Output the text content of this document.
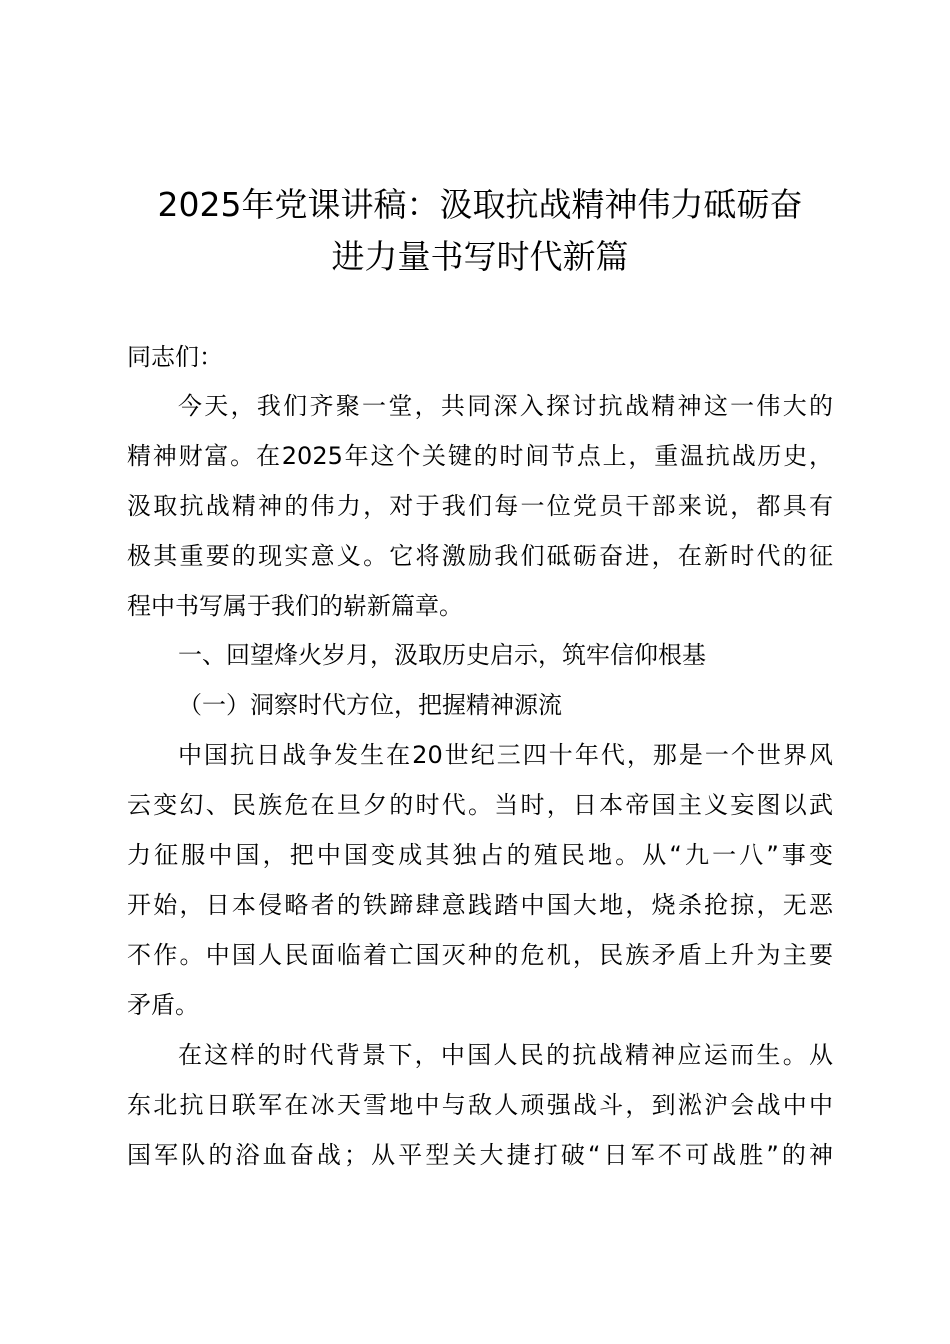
2025年党课讲稿：汲取抗战精神伟力砥砺奋
进力量书写时代新篇
同志们：
今天，我们齐聚一堂，共同深入探讨抗战精神这一伟大的
精神财富。在2025年这个关键的时间节点上，重温抗战历史，
汲取抗战精神的伟力，对于我们每一位党员干部来说，都具有
极其重要的现实意义。它将激励我们砥砺奋进，在新时代的征
程中书写属于我们的崭新篇章。
一、回望烽火岁月，汲取历史启示，筑牢信仰根基
（一）洞察时代方位，把握精神源流
中国抗日战争发生在20世纪三四十年代，那是一个世界风
云变幻、民族危在旦夕的时代。当时，日本帝国主义妄图以武
力征服中国，把中国变成其独占的殖民地。从“九一八”事变
开始，日本侵略者的铁蹄肆意践踏中国大地，烧杀抢掠，无恶
不作。中国人民面临着亡国灭种的危机，民族矛盾上升为主要
矛盾。
在这样的时代背景下，中国人民的抗战精神应运而生。从
东北抗日联军在冰天雪地中与敌人顽强战斗，到淞沪会战中中
国军队的浴血奋战；从平型关大捷打破“日军不可战胜”的神
